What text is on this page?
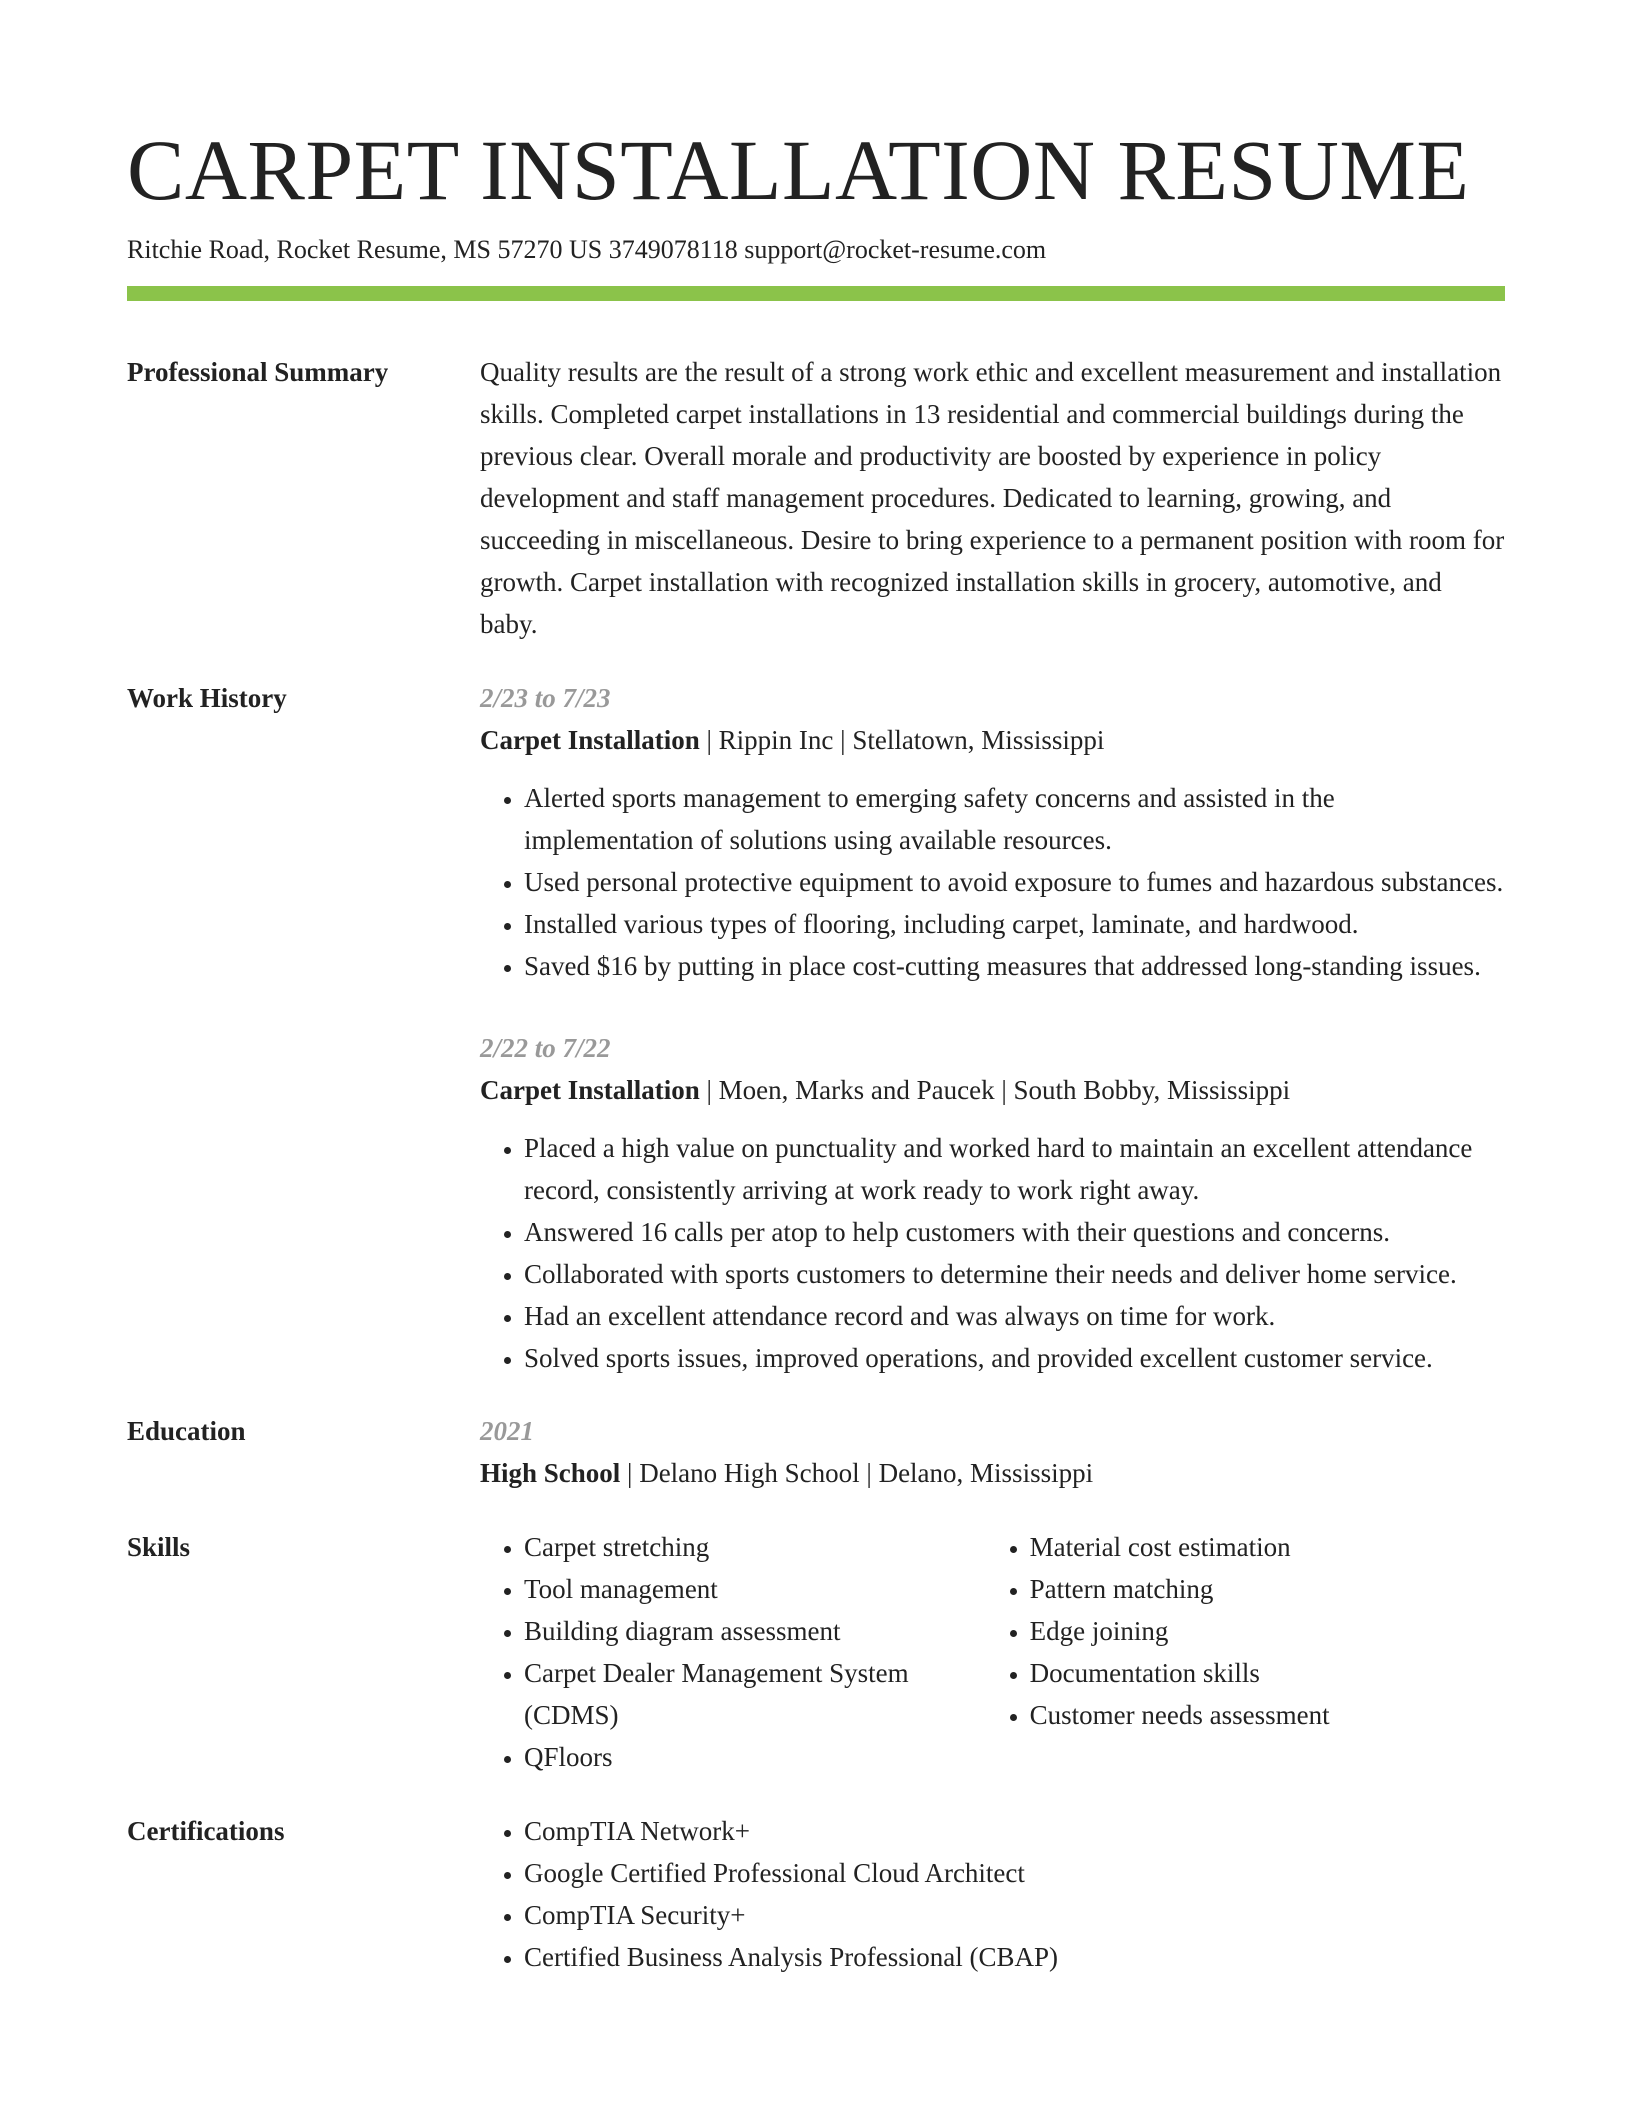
CARPET INSTALLATION RESUME
Ritchie Road, Rocket Resume, MS 57270 US 3749078118 support@rocket-resume.com
Professional Summary	Quality results are the result of a strong work ethic and excellent measurement and installation skills. Completed carpet installations in 13 residential and commercial buildings during the previous clear. Overall morale and productivity are boosted by experience in policy development and staff management procedures. Dedicated to learning, growing, and succeeding in miscellaneous. Desire to bring experience to a permanent position with room for growth. Carpet installation with recognized installation skills in grocery, automotive, and baby.

Work History	2/23 to 7/23
Carpet Installation | Rippin Inc | Stellatown, Mississippi
• Alerted sports management to emerging safety concerns and assisted in the implementation of solutions using available resources.
• Used personal protective equipment to avoid exposure to fumes and hazardous substances.
• Installed various types of flooring, including carpet, laminate, and hardwood.
• Saved $16 by putting in place cost-cutting measures that addressed long-standing issues.
2/22 to 7/22
Carpet Installation | Moen, Marks and Paucek | South Bobby, Mississippi
• Placed a high value on punctuality and worked hard to maintain an excellent attendance record, consistently arriving at work ready to work right away.
• Answered 16 calls per atop to help customers with their questions and concerns.
• Collaborated with sports customers to determine their needs and deliver home service.
• Had an excellent attendance record and was always on time for work.
• Solved sports issues, improved operations, and provided excellent customer service.
Education	2021
High School | Delano High School | Delano, Mississippi
Skills	• Carpet stretching
• Tool management
• Building diagram assessment
• Carpet Dealer Management System (CDMS)
• QFloors
• Material cost estimation
• Pattern matching
• Edge joining
• Documentation skills
• Customer needs assessment
Certifications	• CompTIA Network+
• Google Certified Professional Cloud Architect
• CompTIA Security+
• Certified Business Analysis Professional (CBAP)
